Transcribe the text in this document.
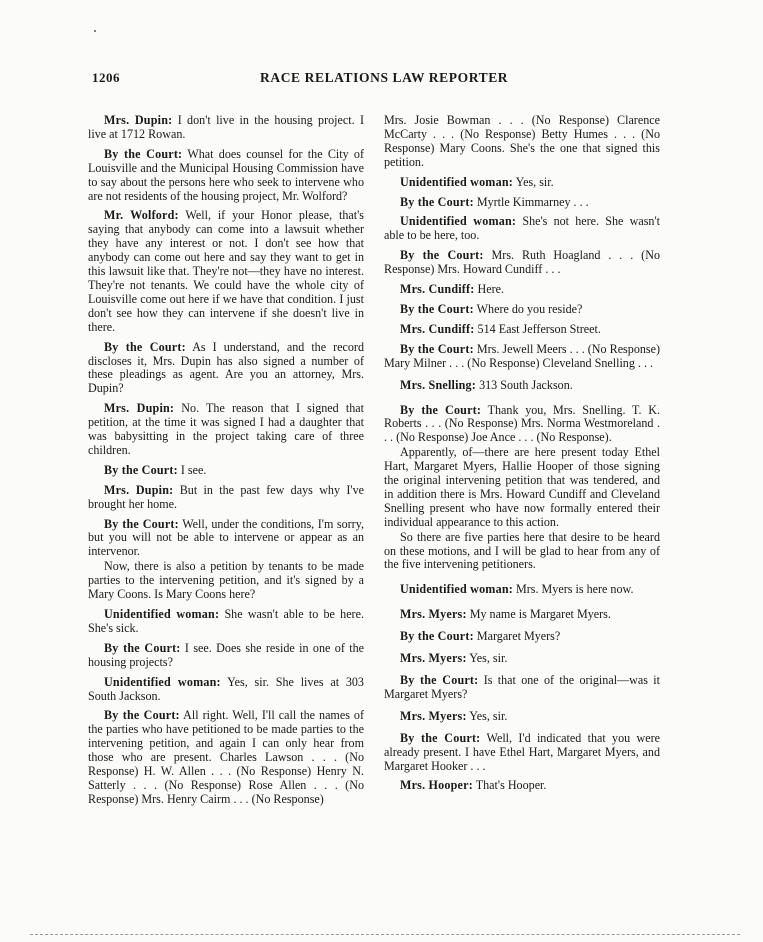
1206	RACE RELATIONS LAW REPORTER

Mrs. Dupin: I don't live in the housing project. I live at 1712 Rowan.

By the Court: What does counsel for the City of Louisville and the Municipal Housing Commission have to say about the persons here who seek to intervene who are not residents of the housing project, Mr. Wolford?

Mr. Wolford: Well, if your Honor please, that's saying that anybody can come into a lawsuit whether they have any interest or not. I don't see how that anybody can come out here and say they want to get in this lawsuit like that. They're not—they have no interest. They're not tenants. We could have the whole city of Louisville come out here if we have that condition. I just don't see how they can intervene if she doesn't live in there.

By the Court: As I understand, and the record discloses it, Mrs. Dupin has also signed a number of these pleadings as agent. Are you an attorney, Mrs. Dupin?

Mrs. Dupin: No. The reason that I signed that petition, at the time it was signed I had a daughter that was babysitting in the project taking care of three children.

By the Court: I see.

Mrs. Dupin: But in the past few days why I've brought her home.

By the Court: Well, under the conditions, I'm sorry, but you will not be able to intervene or appear as an intervenor.

Now, there is also a petition by tenants to be made parties to the intervening petition, and it's signed by a Mary Coons. Is Mary Coons here?

Unidentified woman: She wasn't able to be here. She's sick.

By the Court: I see. Does she reside in one of the housing projects?

Unidentified woman: Yes, sir. She lives at 303 South Jackson.

By the Court: All right. Well, I'll call the names of the parties who have petitioned to be made parties to the intervening petition, and again I can only hear from those who are present. Charles Lawson . . . (No Response) H. W. Allen . . . (No Response) Henry N. Satterly . . . (No Response) Rose Allen . . . (No Response) Mrs. Henry Cairm . . . (No Response)

Mrs. Josie Bowman . . . (No Response) Clarence McCarty . . . (No Response) Betty Humes . . . (No Response) Mary Coons. She's the one that signed this petition.

Unidentified woman: Yes, sir.

By the Court: Myrtle Kimmarney . . .

Unidentified woman: She's not here. She wasn't able to be here, too.

By the Court: Mrs. Ruth Hoagland . . . (No Response) Mrs. Howard Cundiff . . .

Mrs. Cundiff: Here.

By the Court: Where do you reside?

Mrs. Cundiff: 514 East Jefferson Street.

By the Court: Mrs. Jewell Meers . . . (No Response) Mary Milner . . . (No Response) Cleveland Snelling . . .

Mrs. Snelling: 313 South Jackson.

By the Court: Thank you, Mrs. Snelling. T. K. Roberts . . . (No Response) Mrs. Norma Westmoreland . . . (No Response) Joe Ance . . . (No Response).

Apparently, of—there are here present today Ethel Hart, Margaret Myers, Hallie Hooper of those signing the original intervening petition that was tendered, and in addition there is Mrs. Howard Cundiff and Cleveland Snelling present who have now formally entered their individual appearance to this action.

So there are five parties here that desire to be heard on these motions, and I will be glad to hear from any of the five intervening petitioners.

Unidentified woman: Mrs. Myers is here now.

Mrs. Myers: My name is Margaret Myers.

By the Court: Margaret Myers?

Mrs. Myers: Yes, sir.

By the Court: Is that one of the original—was it Margaret Myers?

Mrs. Myers: Yes, sir.

By the Court: Well, I'd indicated that you were already present. I have Ethel Hart, Margaret Myers, and Margaret Hooker . . .

Mrs. Hooper: That's Hooper.
